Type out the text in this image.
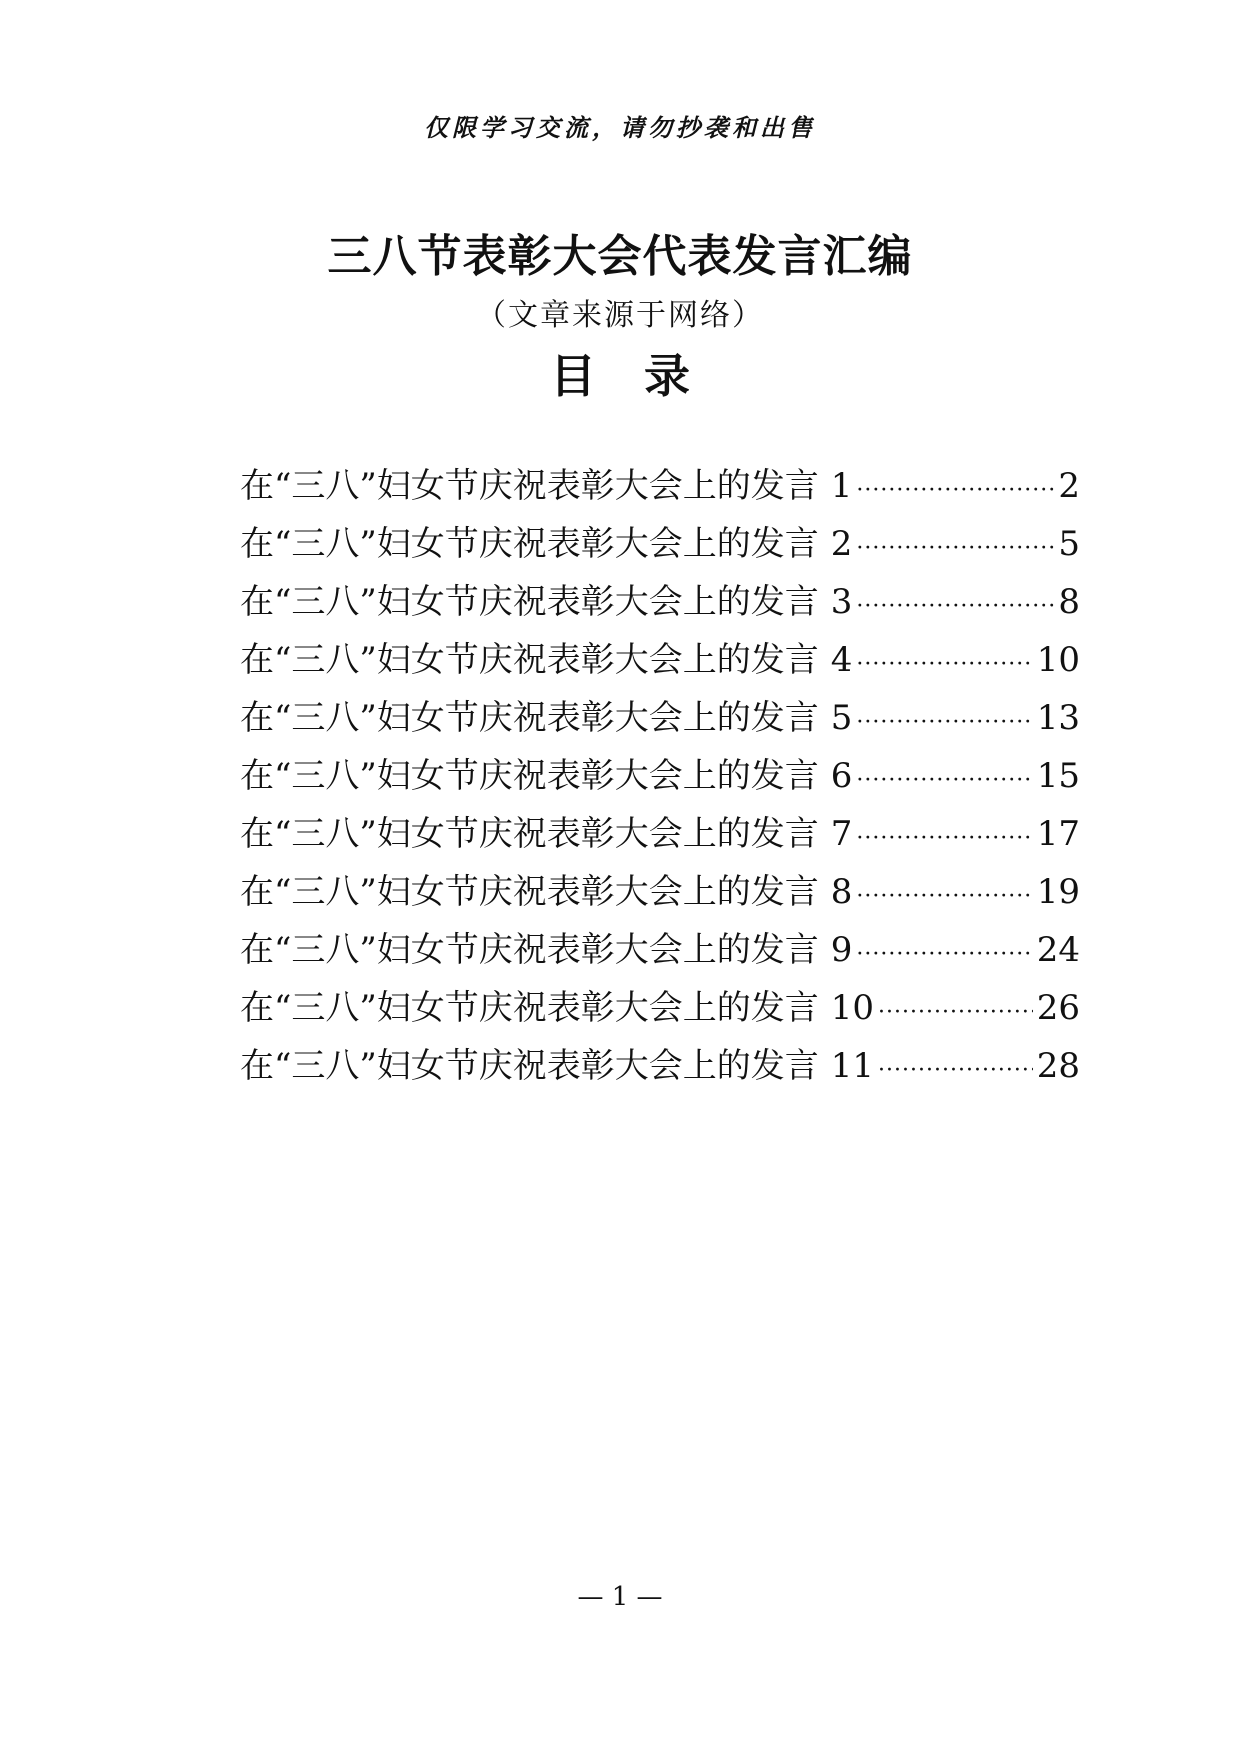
仅限学习交流，请勿抄袭和出售
三八节表彰大会代表发言汇编
（文章来源于网络）
目 录
在“三八”妇女节庆祝表彰大会上的发言 1 ·····	2
在“三八”妇女节庆祝表彰大会上的发言 2 ·····	5
在“三八”妇女节庆祝表彰大会上的发言 3 ·····	8
在“三八”妇女节庆祝表彰大会上的发言 4 ·····	10
在“三八”妇女节庆祝表彰大会上的发言 5 ·····	13
在“三八”妇女节庆祝表彰大会上的发言 6 ·····	15
在“三八”妇女节庆祝表彰大会上的发言 7 ·····	17
在“三八”妇女节庆祝表彰大会上的发言 8 ·····	19
在“三八”妇女节庆祝表彰大会上的发言 9 ·····	24
在“三八”妇女节庆祝表彰大会上的发言 10 ·····	26
在“三八”妇女节庆祝表彰大会上的发言 11 ·····	28
— 1 —
